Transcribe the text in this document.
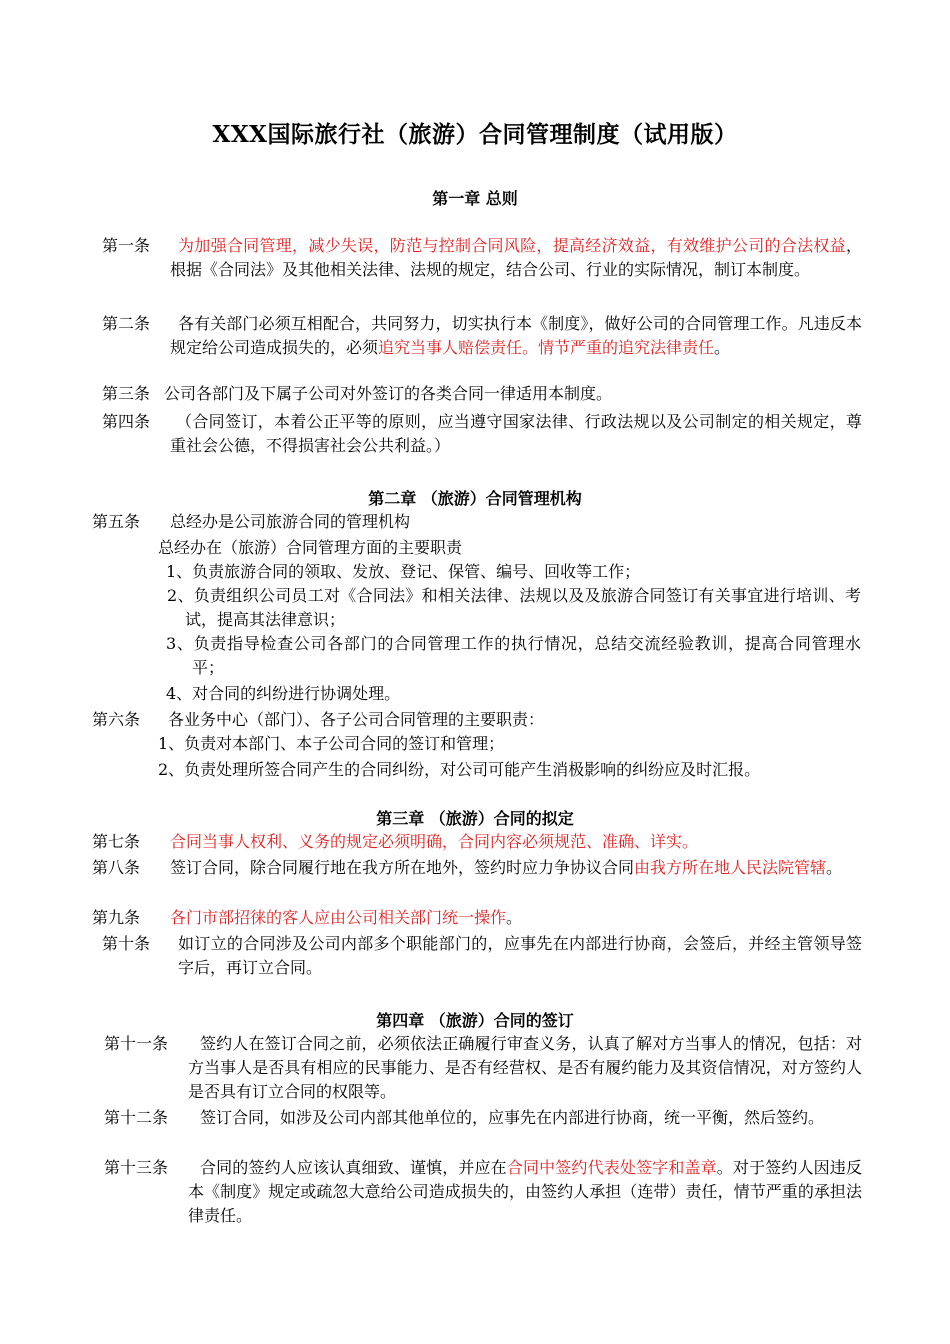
XXX国际旅行社（旅游）合同管理制度（试用版）
第一章 总则
第一条	为加强合同管理，减少失误，防范与控制合同风险，提高经济效益，有效维护公司的合法权益，根据《合同法》及其他相关法律、法规的规定，结合公司、行业的实际情况，制订本制度。
第二条	各有关部门必须互相配合，共同努力，切实执行本《制度》，做好公司的合同管理工作。凡违反本规定给公司造成损失的，必须追究当事人赔偿责任。情节严重的追究法律责任。
第三条 公司各部门及下属子公司对外签订的各类合同一律适用本制度。
第四条	（合同签订，本着公正平等的原则，应当遵守国家法律、行政法规以及公司制定的相关规定，尊重社会公德，不得损害社会公共利益。）
第二章 （旅游）合同管理机构
第五条 总经办是公司旅游合同的管理机构
总经办在（旅游）合同管理方面的主要职责
1、负责旅游合同的领取、发放、登记、保管、编号、回收等工作；
2、负责组织公司员工对《合同法》和相关法律、法规以及及旅游合同签订有关事宜进行培训、考试，提高其法律意识；
3、负责指导检查公司各部门的合同管理工作的执行情况，总结交流经验教训，提高合同管理水平；
4、对合同的纠纷进行协调处理。
第六条 各业务中心（部门）、各子公司合同管理的主要职责：
1、负责对本部门、本子公司合同的签订和管理；
2、负责处理所签合同产生的合同纠纷，对公司可能产生消极影响的纠纷应及时汇报。
第三章 （旅游）合同的拟定
第七条 合同当事人权利、义务的规定必须明确，合同内容必须规范、准确、详实。
第八条 签订合同，除合同履行地在我方所在地外，签约时应力争协议合同由我方所在地人民法院管辖。
第九条 各门市部招徕的客人应由公司相关部门统一操作。
第十条 如订立的合同涉及公司内部多个职能部门的，应事先在内部进行协商，会签后，并经主管领导签字后，再订立合同。
第四章 （旅游）合同的签订
第十一条	签约人在签订合同之前，必须依法正确履行审查义务，认真了解对方当事人的情况，包括：对方当事人是否具有相应的民事能力、是否有经营权、是否有履约能力及其资信情况，对方签约人是否具有订立合同的权限等。
第十二条	签订合同，如涉及公司内部其他单位的，应事先在内部进行协商，统一平衡，然后签约。
第十三条	合同的签约人应该认真细致、谨慎，并应在合同中签约代表处签字和盖章。对于签约人因违反本《制度》规定或疏忽大意给公司造成损失的，由签约人承担（连带）责任，情节严重的承担法律责任。
